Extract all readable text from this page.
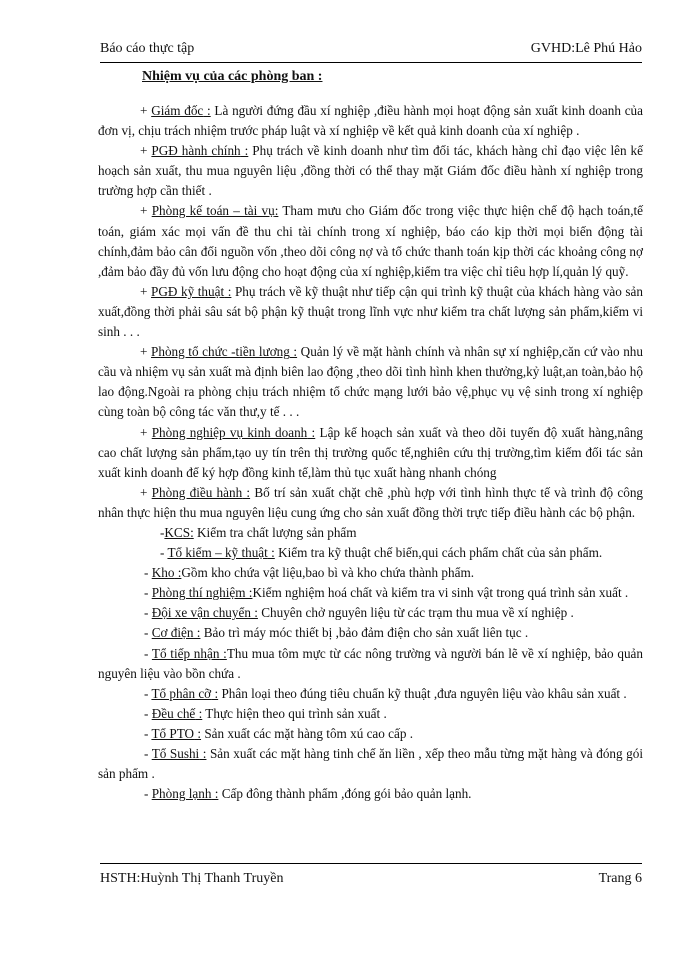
Báo cáo thực tập	GVHD:Lê Phú Hảo
Nhiệm vụ của các phòng ban :

+ Giám đốc : Là người đứng đầu xí nghiệp ,điều hành mọi hoạt động sản xuất kinh doanh của đơn vị, chịu trách nhiệm trước pháp luật và xí nghiệp về kết quả kinh doanh của xí nghiệp .

+ PGĐ hành chính : Phụ trách về kinh doanh như tìm đối tác, khách hàng chỉ đạo việc lên kế hoạch sản xuất, thu mua nguyên liệu ,đồng thời có thể thay mặt Giám đốc điều hành xí nghiệp trong trường hợp cần thiết .

+ Phòng kế toán – tài vụ: Tham mưu cho Giám đốc trong việc thực hiện chế độ hạch toán,tế toán, giám xác mọi vấn đề thu chi tài chính trong xí nghiệp, báo cáo kịp thời mọi biến động tài chính,đảm bảo cân đối nguồn vốn ,theo dõi công nợ và tổ chức thanh toán kịp thời các khoảng công nợ ,đảm bảo đầy đủ vốn lưu động cho hoạt động của xí nghiệp,kiểm tra việc chỉ tiêu hợp lí,quản lý quỹ.

+ PGĐ kỹ thuật : Phụ trách về kỹ thuật như tiếp cận qui trình kỹ thuật của khách hàng vào sản xuất,đồng thời phải sâu sát bộ phận kỹ thuật trong lĩnh vực như kiểm tra chất lượng sản phẩm,kiểm vi sinh . . .

+ Phòng tổ chức -tiền lương : Quản lý về mặt hành chính và nhân sự xí nghiệp,căn cứ vào nhu cầu và nhiệm vụ sản xuất mà định biên lao động ,theo dõi tình hình khen thưởng,kỷ luật,an toàn,bảo hộ lao động.Ngoài ra phòng chịu trách nhiệm tổ chức mạng lưới bảo vệ,phục vụ vệ sinh trong xí nghiệp cùng toàn bộ công tác văn thư,y tế . . .

+ Phòng nghiệp vụ kinh doanh : Lập kế hoạch sản xuất và theo dõi tuyến độ xuất hàng,nâng cao chất lượng sản phẩm,tạo uy tín trên thị trường quốc tế,nghiên cứu thị trường,tìm kiếm đối tác sản xuất kinh doanh để ký hợp đồng kinh tế,làm thủ tục xuất hàng nhanh chóng

+ Phòng điều hành : Bố trí sản xuất chặt chẽ ,phù hợp với tình hình thực tế và trình độ công nhân thực hiện thu mua nguyên liệu cung ứng cho sản xuất đồng thời trực tiếp điều hành các bộ phận.

-KCS: Kiểm tra chất lượng sản phẩm

- Tổ kiểm – kỹ thuật : Kiểm tra kỹ thuật chế biến,qui cách phẩm chất của sản phẩm.

- Kho :Gồm kho chứa vật liệu,bao bì và kho chứa thành phẩm.

- Phòng thí nghiệm :Kiểm nghiệm hoá chất và kiểm tra vi sinh vật trong quá trình sản xuất .

- Đội xe vận chuyển : Chuyên chở nguyên liệu từ các trạm thu mua về xí nghiệp .

- Cơ điện : Bảo trì máy móc thiết bị ,bảo đảm điện cho sản xuất liên tục .

- Tổ tiếp nhận :Thu mua tôm mực từ các nông trường và người bán lẽ về xí nghiệp, bảo quản nguyên liệu vào bồn chứa .

- Tổ phân cỡ : Phân loại theo đúng tiêu chuẩn kỹ thuật ,đưa nguyên liệu vào khâu sản xuất .

- Đều chế : Thực hiện theo qui trình sản xuất .

- Tổ PTO : Sản xuất các mặt hàng tôm xú cao cấp .

- Tổ Sushi : Sản xuất các mặt hàng tinh chế ăn liền , xếp theo mẫu từng mặt hàng và đóng gói sản phẩm .

- Phòng lạnh : Cấp đông thành phẩm ,đóng gói bảo quản lạnh.

HSTH:Huỳnh Thị Thanh Truyền	Trang 6
